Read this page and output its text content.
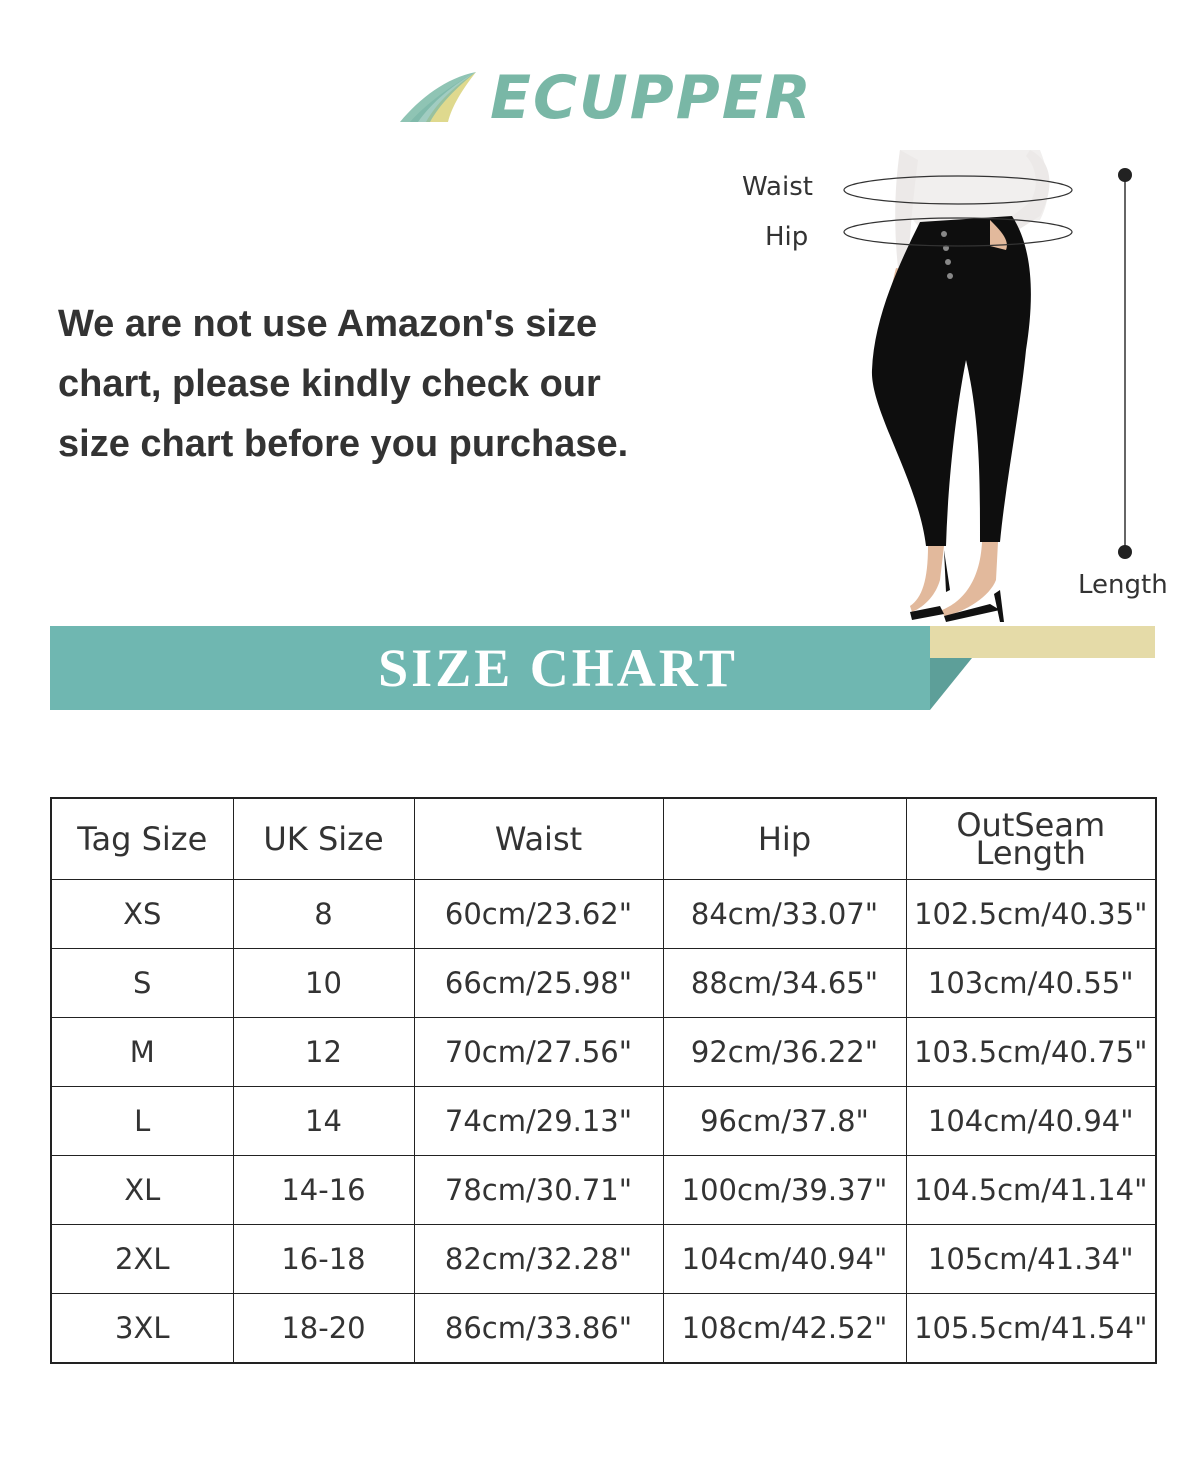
ECUPPER
We are not use Amazon's size
chart, please kindly check our
size chart before you purchase.
Waist
Hip
Length
SIZE CHART
Tag Size	UK Size	Waist	Hip	OutSeam
Length

XS	8	60cm/23.62"	84cm/33.07"	102.5cm/40.35"
S	10	66cm/25.98"	88cm/34.65"	103cm/40.55"
M	12	70cm/27.56"	92cm/36.22"	103.5cm/40.75"
L	14	74cm/29.13"	96cm/37.8"	104cm/40.94"
XL	14-16	78cm/30.71"	100cm/39.37"	104.5cm/41.14"
2XL	16-18	82cm/32.28"	104cm/40.94"	105cm/41.34"
3XL	18-20	86cm/33.86"	108cm/42.52"	105.5cm/41.54"
